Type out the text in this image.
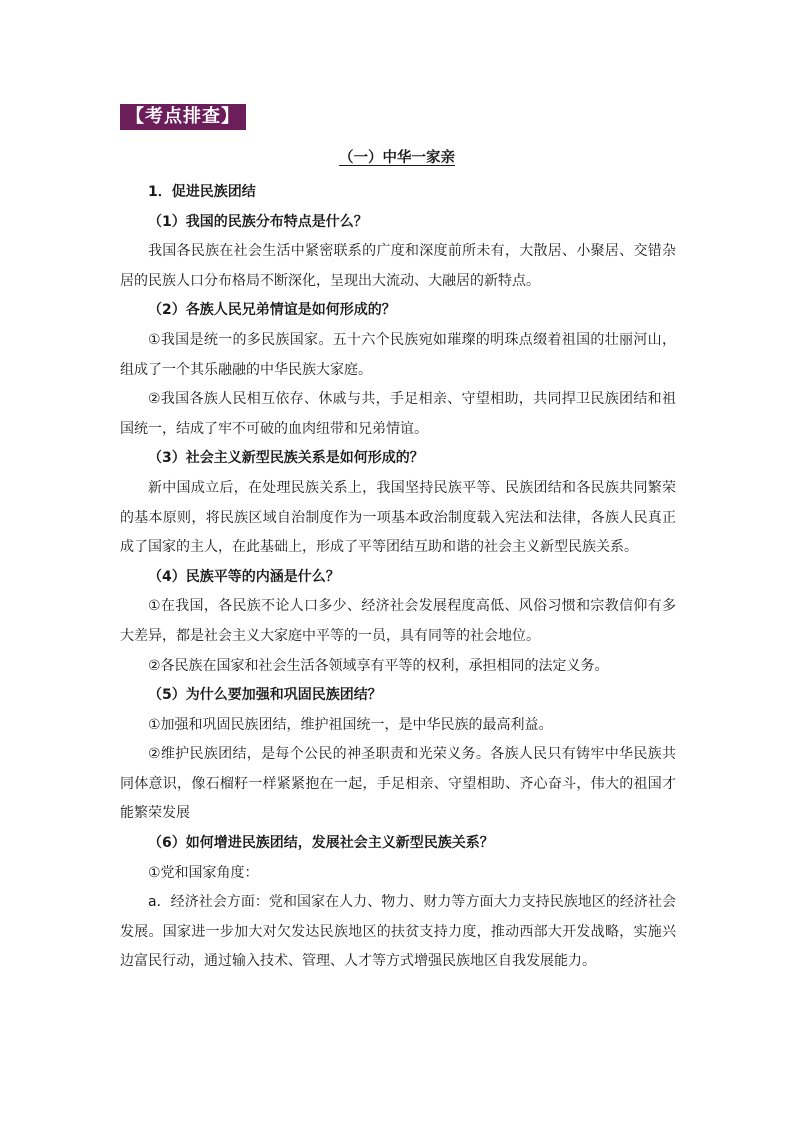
【考点排查】
（一）中华一家亲

1．促进民族团结

（1）我国的民族分布特点是什么？

我国各民族在社会生活中紧密联系的广度和深度前所未有，大散居、小聚居、交错杂居的民族人口分布格局不断深化，呈现出大流动、大融居的新特点。

（2）各族人民兄弟情谊是如何形成的？

①我国是统一的多民族国家。五十六个民族宛如璀璨的明珠点缀着祖国的壮丽河山，组成了一个其乐融融的中华民族大家庭。

②我国各族人民相互依存、休戚与共，手足相亲、守望相助，共同捍卫民族团结和祖国统一，结成了牢不可破的血肉纽带和兄弟情谊。

（3）社会主义新型民族关系是如何形成的？

新中国成立后，在处理民族关系上，我国坚持民族平等、民族团结和各民族共同繁荣的基本原则，将民族区域自治制度作为一项基本政治制度载入宪法和法律，各族人民真正成了国家的主人，在此基础上，形成了平等团结互助和谐的社会主义新型民族关系。

（4）民族平等的内涵是什么？

①在我国，各民族不论人口多少、经济社会发展程度高低、风俗习惯和宗教信仰有多大差异，都是社会主义大家庭中平等的一员，具有同等的社会地位。

②各民族在国家和社会生活各领域享有平等的权利，承担相同的法定义务。

（5）为什么要加强和巩固民族团结？

①加强和巩固民族团结，维护祖国统一，是中华民族的最高利益。

②维护民族团结，是每个公民的神圣职责和光荣义务。各族人民只有铸牢中华民族共同体意识，像石榴籽一样紧紧抱在一起，手足相亲、守望相助、齐心奋斗，伟大的祖国才能繁荣发展

（6）如何增进民族团结，发展社会主义新型民族关系？

①党和国家角度：

a．经济社会方面：党和国家在人力、物力、财力等方面大力支持民族地区的经济社会发展。国家进一步加大对欠发达民族地区的扶贫支持力度，推动西部大开发战略，实施兴边富民行动，通过输入技术、管理、人才等方式增强民族地区自我发展能力。
